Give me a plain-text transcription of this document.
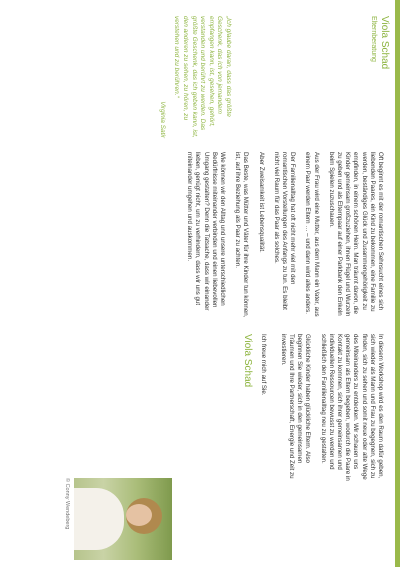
Viola Schad
Elternberatung
„Ich glaube daran, dass das größte Geschenk, das ich von jemandem empfangen kann, ist, gesehen, gehört, verstanden und berührt zu werden. Das größte Geschenk, das ich geben kann, ist, den anderen zu sehen, zu hören, zu verstehen und zu berühren.“
Virginia Satir

Oft beginnt es mit der romantischen Sehnsucht eines sich liebenden Paares, ein Kind zu bekommen, eine Familie zu werden, beständiges Glück und Zusammengehörigkeit zu empfinden, in einem schönen Heim. Man träumt davon, die Kinder gemeinsam großzuziehen, ihnen Flügel und Wurzeln zu geben und als Elternpaar auf einer Parkbank den Enkeln beim Spielen zuzuschauen.

Aus der Frau wird eine Mutter, aus dem Mann ein Vater, aus einem Paar werden Eltern … – und dann wird alles anders.

Der Familienalltag hat oft nicht mehr viel mit den romantischen Vorstellungen des Anfangs zu tun. Es bleibt nicht viel Raum für das Paar als solches.

Aber Zweisamkeit ist Lebensqualität.

Das Beste, was Mütter und Väter für ihre Kinder tun können, ist, auf ihre Beziehung als Paar zu achten.

Wie können wir den Alltag und unsere unterschiedlichen Bedürfnisse miteinander verbinden und einen liebevollen Umgang gestalten? Denn die Tatsache, dass wir einander lieben, genügt nicht, um zu verhindern, dass wir uns gut miteinander umgehen und auskommen.

In diesem Workshop wird es den Raum dafür geben, sich wieder als Mann und Frau zu begegnen, sich zu finden, sich zu sehen und somit neue oder alte Wege des Miteinanders zu entdecken. Wir schauen uns gemeinsam als Eltern begeben, wodurch die Paare in Kontakt zu kommen, sich ihrer gemeinsamen und individuellen Ressourcen bewusst zu werden und schließlich den Familienalltag neu zu gestalten.

Glückliche Kinder haben glückliche Eltern. Also beginnen Sie wieder, sich in den gemeinsamen Träumen und Ihre Partnerschaft, Energie und Zeit zu investieren.

Ich freue mich auf Sie.

Viola Schad
© Conny Wendeberg
